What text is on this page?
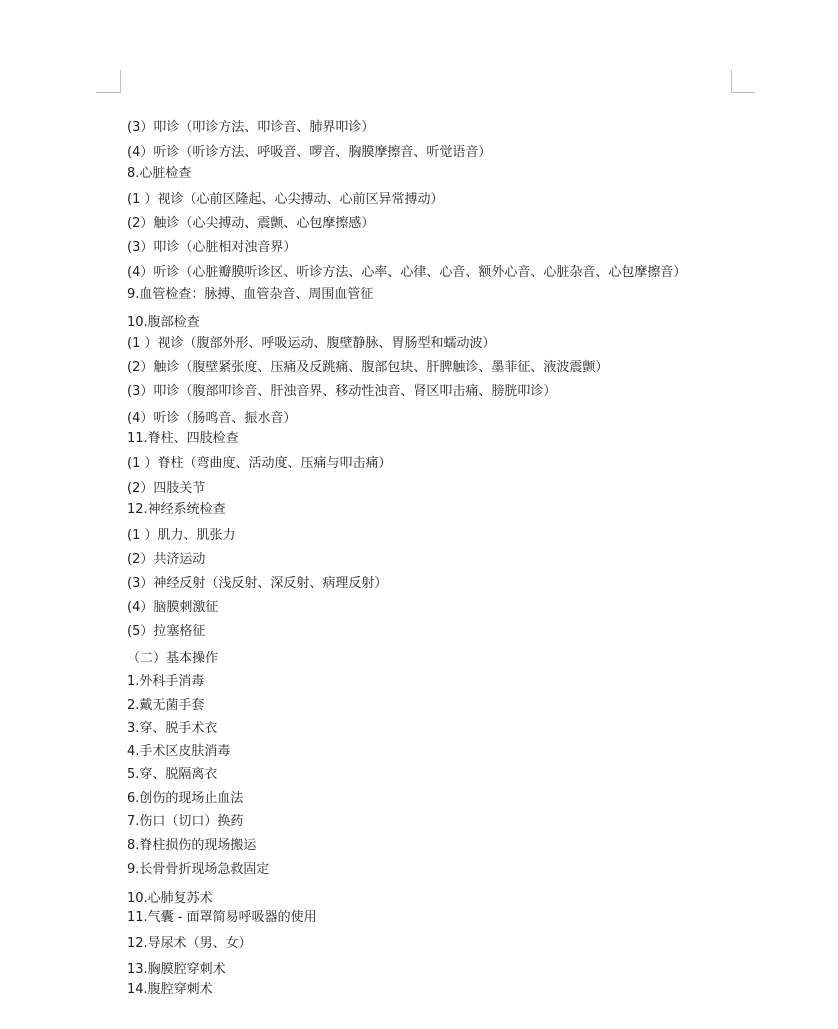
(3）叩诊（叩诊方法、叩诊音、肺界叩诊）
(4）听诊（听诊方法、呼吸音、啰音、胸膜摩擦音、听觉语音）
8.心脏检查
(1 ）视诊（心前区隆起、心尖搏动、心前区异常搏动）
(2）触诊（心尖搏动、震颤、心包摩擦感）
(3）叩诊（心脏相对浊音界）
(4）听诊（心脏瓣膜听诊区、听诊方法、心率、心律、心音、额外心音、心脏杂音、心包摩擦音）
9.血管检查：脉搏、血管杂音、周围血管征
10.腹部检查
(1 ）视诊（腹部外形、呼吸运动、腹壁静脉、胃肠型和蠕动波）
(2）触诊（腹壁紧张度、压痛及反跳痛、腹部包块、肝脾触诊、墨菲征、液波震颤）
(3）叩诊（腹部叩诊音、肝浊音界、移动性浊音、肾区叩击痛、膀胱叩诊）
(4）听诊（肠鸣音、振水音）
11.脊柱、四肢检查
(1 ）脊柱（弯曲度、活动度、压痛与叩击痛）
(2）四肢关节
12.神经系统检查
(1 ）肌力、肌张力
(2）共济运动
(3）神经反射（浅反射、深反射、病理反射）
(4）脑膜刺激征
(5）拉塞格征
（二）基本操作
1.外科手消毒
2.戴无菌手套
3.穿、脱手术衣
4.手术区皮肤消毒
5.穿、脱隔离衣
6.创伤的现场止血法
7.伤口（切口）换药
8.脊柱损伤的现场搬运
9.长骨骨折现场急救固定
10.心肺复苏术
11.气囊 - 面罩简易呼吸器的使用
12.导尿术（男、女）
13.胸膜腔穿刺术
14.腹腔穿刺术
